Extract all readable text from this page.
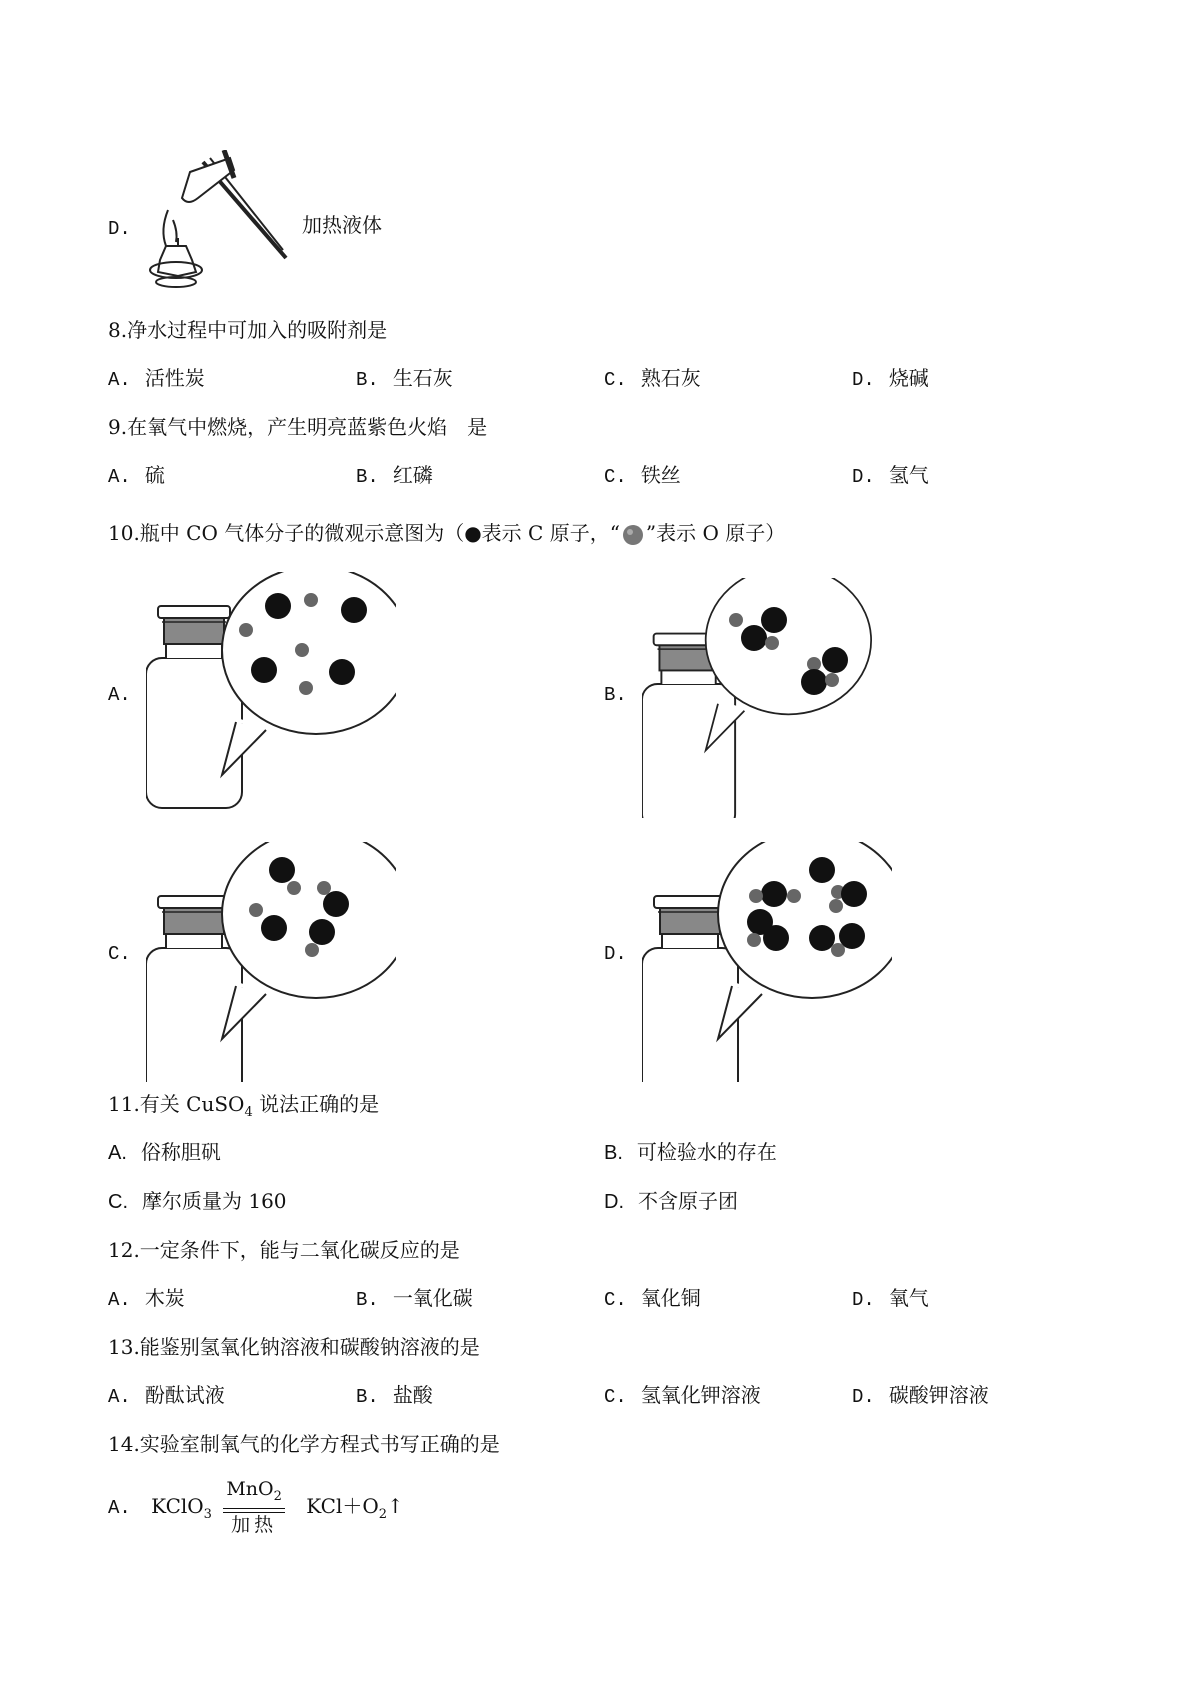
D.	加热液体
8.净水过程中可加入的吸附剂是
A. 活性炭	B. 生石灰	C. 熟石灰	D. 烧碱
9.在氧气中燃烧，产生明亮蓝紫色火焰　是
A. 硫	B. 红磷	C. 铁丝	D. 氢气
10.瓶中 CO 气体分子的微观示意图为（●表示 C 原子，“ ”表示 O 原子）
A.	B.
C.	D.
11.有关 CuSO$_4$ 说法正确的是
A. 俗称胆矾	B. 可检验水的存在
C. 摩尔质量为 160	D. 不含原子团
12.一定条件下，能与二氧化碳反应的是
A. 木炭	B. 一氧化碳	C. 氧化铜	D. 氧气
13.能鉴别氢氧化钠溶液和碳酸钠溶液的是
A. 酚酞试液	B. 盐酸	C. 氢氧化钾溶液	D. 碳酸钾溶液
14.实验室制氧气的化学方程式书写正确的是
A. KClO$_3$
MnO$_2$
加热
$KCl+O_2↑$
